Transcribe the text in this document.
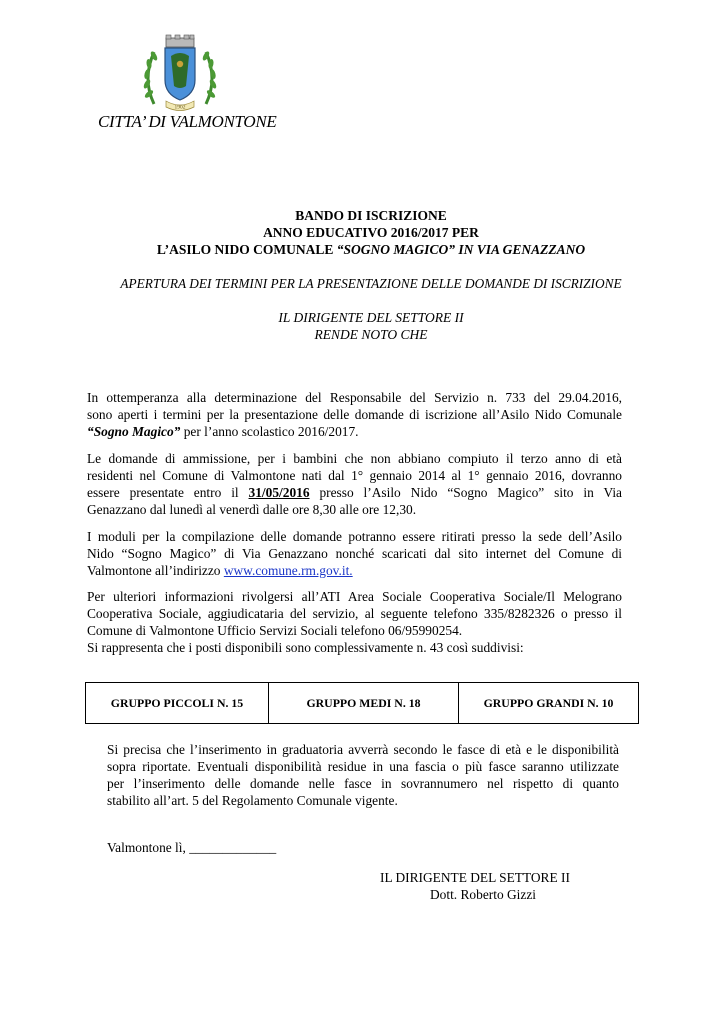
1902
CITTA’ DI VALMONTONE
BANDO DI ISCRIZIONE
ANNO EDUCATIVO 2016/2017 PER
L’ASILO NIDO COMUNALE “SOGNO MAGICO” IN VIA GENAZZANO
APERTURA DEI TERMINI PER LA PRESENTAZIONE DELLE DOMANDE DI ISCRIZIONE
IL DIRIGENTE DEL SETTORE II
RENDE NOTO CHE
In ottemperanza alla determinazione del Responsabile del Servizio n. 733 del 29.04.2016,
sono aperti i termini per la presentazione delle domande di iscrizione all’Asilo Nido Comunale
“Sogno Magico” per l’anno scolastico 2016/2017.
Le domande di ammissione, per i bambini che non abbiano compiuto il terzo anno di età
residenti nel Comune di Valmontone nati dal 1° gennaio 2014 al 1° gennaio 2016, dovranno
essere presentate entro il 31/05/2016 presso l’Asilo Nido “Sogno Magico” sito in Via
Genazzano dal lunedì al venerdì dalle ore 8,30 alle ore 12,30.
I moduli per la compilazione delle domande potranno essere ritirati presso la sede dell’Asilo
Nido “Sogno Magico” di Via Genazzano nonché scaricati dal sito internet del Comune di
Valmontone all’indirizzo www.comune.rm.gov.it.
Per ulteriori informazioni rivolgersi all’ATI Area Sociale Cooperativa Sociale/Il Melograno
Cooperativa Sociale, aggiudicataria del servizio, al seguente telefono 335/8282326 o presso il
Comune di Valmontone Ufficio Servizi Sociali telefono 06/95990254.
Si rappresenta che i posti disponibili sono complessivamente n. 43 così suddivisi:
GRUPPO PICCOLI N. 15	GRUPPO MEDI N. 18	GRUPPO GRANDI N. 10
Si precisa che l’inserimento in graduatoria avverrà secondo le fasce di età e le disponibilità
sopra riportate. Eventuali disponibilità residue in una fascia o più fasce saranno utilizzate
per l’inserimento delle domande nelle fasce in sovrannumero nel rispetto di quanto
stabilito all’art. 5 del Regolamento Comunale vigente.
Valmontone lì, _____________
IL DIRIGENTE DEL SETTORE II
Dott. Roberto Gizzi
